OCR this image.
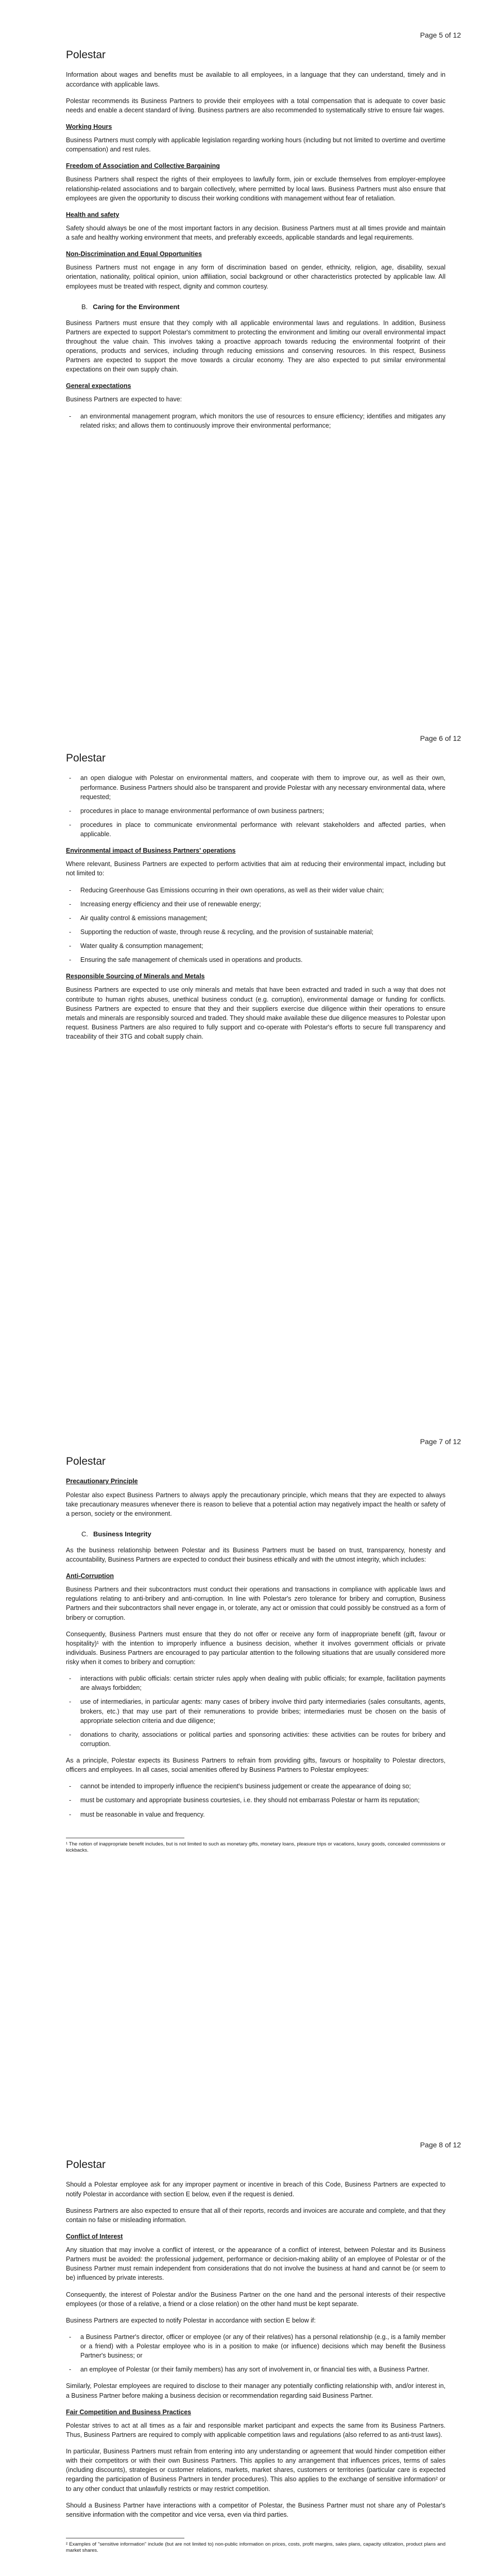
Page 5 of 12
Polestar

Information about wages and benefits must be available to all employees, in a language that they can understand, timely and in accordance with applicable laws.

Polestar recommends its Business Partners to provide their employees with a total compensation that is adequate to cover basic needs and enable a decent standard of living. Business partners are also recommended to systematically strive to ensure fair wages.

Working Hours

Business Partners must comply with applicable legislation regarding working hours (including but not limited to overtime and overtime compensation) and rest rules.

Freedom of Association and Collective Bargaining

Business Partners shall respect the rights of their employees to lawfully form, join or exclude themselves from employer-employee relationship-related associations and to bargain collectively, where permitted by local laws. Business Partners must also ensure that employees are given the opportunity to discuss their working conditions with management without fear of retaliation.

Health and safety

Safety should always be one of the most important factors in any decision. Business Partners must at all times provide and maintain a safe and healthy working environment that meets, and preferably exceeds, applicable standards and legal requirements.

Non-Discrimination and Equal Opportunities

Business Partners must not engage in any form of discrimination based on gender, ethnicity, religion, age, disability, sexual orientation, nationality, political opinion, union affiliation, social background or other characteristics protected by applicable law. All employees must be treated with respect, dignity and common courtesy.

B. Caring for the Environment

Business Partners must ensure that they comply with all applicable environmental laws and regulations. In addition, Business Partners are expected to support Polestar's commitment to protecting the environment and limiting our overall environmental impact throughout the value chain. This involves taking a proactive approach towards reducing the environmental footprint of their operations, products and services, including through reducing emissions and conserving resources. In this respect, Business Partners are expected to support the move towards a circular economy. They are also expected to put similar environmental expectations on their own supply chain.

General expectations

Business Partners are expected to have:

- an environmental management program, which monitors the use of resources to ensure efficiency; identifies and mitigates any related risks; and allows them to continuously improve their environmental performance;
Page 6 of 12
Polestar
- an open dialogue with Polestar on environmental matters, and cooperate with them to improve our, as well as their own, performance. Business Partners should also be transparent and provide Polestar with any necessary environmental data, where requested;
- procedures in place to manage environmental performance of own business partners;
- procedures in place to communicate environmental performance with relevant stakeholders and affected parties, when applicable.
Environmental impact of Business Partners' operations

Where relevant, Business Partners are expected to perform activities that aim at reducing their environmental impact, including but not limited to:

- Reducing Greenhouse Gas Emissions occurring in their own operations, as well as their wider value chain;
- Increasing energy efficiency and their use of renewable energy;
- Air quality control & emissions management;
- Supporting the reduction of waste, through reuse & recycling, and the provision of sustainable material;
- Water quality & consumption management;
- Ensuring the safe management of chemicals used in operations and products.
Responsible Sourcing of Minerals and Metals

Business Partners are expected to use only minerals and metals that have been extracted and traded in such a way that does not contribute to human rights abuses, unethical business conduct (e.g. corruption), environmental damage or funding for conflicts. Business Partners are expected to ensure that they and their suppliers exercise due diligence within their operations to ensure metals and minerals are responsibly sourced and traded. They should make available these due diligence measures to Polestar upon request. Business Partners are also required to fully support and co-operate with Polestar's efforts to secure full transparency and traceability of their 3TG and cobalt supply chain.

Page 7 of 12
Polestar
Precautionary Principle

Polestar also expect Business Partners to always apply the precautionary principle, which means that they are expected to always take precautionary measures whenever there is reason to believe that a potential action may negatively impact the health or safety of a person, society or the environment.

C. Business Integrity

As the business relationship between Polestar and its Business Partners must be based on trust, transparency, honesty and accountability, Business Partners are expected to conduct their business ethically and with the utmost integrity, which includes:

Anti-Corruption

Business Partners and their subcontractors must conduct their operations and transactions in compliance with applicable laws and regulations relating to anti-bribery and anti-corruption. In line with Polestar's zero tolerance for bribery and corruption, Business Partners and their subcontractors shall never engage in, or tolerate, any act or omission that could possibly be construed as a form of bribery or corruption.

Consequently, Business Partners must ensure that they do not offer or receive any form of inappropriate benefit (gift, favour or hospitality)¹ with the intention to improperly influence a business decision, whether it involves government officials or private individuals. Business Partners are encouraged to pay particular attention to the following situations that are usually considered more risky when it comes to bribery and corruption:

- interactions with public officials: certain stricter rules apply when dealing with public officials; for example, facilitation payments are always forbidden;
- use of intermediaries, in particular agents: many cases of bribery involve third party intermediaries (sales consultants, agents, brokers, etc.) that may use part of their remunerations to provide bribes; intermediaries must be chosen on the basis of appropriate selection criteria and due diligence;
- donations to charity, associations or political parties and sponsoring activities: these activities can be routes for bribery and corruption.

As a principle, Polestar expects its Business Partners to refrain from providing gifts, favours or hospitality to Polestar directors, officers and employees. In all cases, social amenities offered by Business Partners to Polestar employees:

- cannot be intended to improperly influence the recipient's business judgement or create the appearance of doing so;
- must be customary and appropriate business courtesies, i.e. they should not embarrass Polestar or harm its reputation;
- must be reasonable in value and frequency.

¹ The notion of inappropriate benefit includes, but is not limited to such as monetary gifts, monetary loans, pleasure trips or vacations, luxury goods, concealed commissions or kickbacks.

Page 8 of 12
Polestar

Should a Polestar employee ask for any improper payment or incentive in breach of this Code, Business Partners are expected to notify Polestar in accordance with section E below, even if the request is denied.

Business Partners are also expected to ensure that all of their reports, records and invoices are accurate and complete, and that they contain no false or misleading information.

Conflict of Interest

Any situation that may involve a conflict of interest, or the appearance of a conflict of interest, between Polestar and its Business Partners must be avoided: the professional judgement, performance or decision-making ability of an employee of Polestar or of the Business Partner must remain independent from considerations that do not involve the business at hand and cannot be (or seem to be) influenced by private interests.

Consequently, the interest of Polestar and/or the Business Partner on the one hand and the personal interests of their respective employees (or those of a relative, a friend or a close relation) on the other hand must be kept separate.

Business Partners are expected to notify Polestar in accordance with section E below if:

- a Business Partner's director, officer or employee (or any of their relatives) has a personal relationship (e.g., is a family member or a friend) with a Polestar employee who is in a position to make (or influence) decisions which may benefit the Business Partner's business; or
- an employee of Polestar (or their family members) has any sort of involvement in, or financial ties with, a Business Partner.

Similarly, Polestar employees are required to disclose to their manager any potentially conflicting relationship with, and/or interest in, a Business Partner before making a business decision or recommendation regarding said Business Partner.

Fair Competition and Business Practices

Polestar strives to act at all times as a fair and responsible market participant and expects the same from its Business Partners. Thus, Business Partners are required to comply with applicable competition laws and regulations (also referred to as anti-trust laws).

In particular, Business Partners must refrain from entering into any understanding or agreement that would hinder competition either with their competitors or with their own Business Partners. This applies to any arrangement that influences prices, terms of sales (including discounts), strategies or customer relations, markets, market shares, customers or territories (particular care is expected regarding the participation of Business Partners in tender procedures). This also applies to the exchange of sensitive information² or to any other conduct that unlawfully restricts or may restrict competition.

Should a Business Partner have interactions with a competitor of Polestar, the Business Partner must not share any of Polestar's sensitive information with the competitor and vice versa, even via third parties.

² Examples of "sensitive information" include (but are not limited to) non-public information on prices, costs, profit margins, sales plans, capacity utilization, product plans and market shares.
